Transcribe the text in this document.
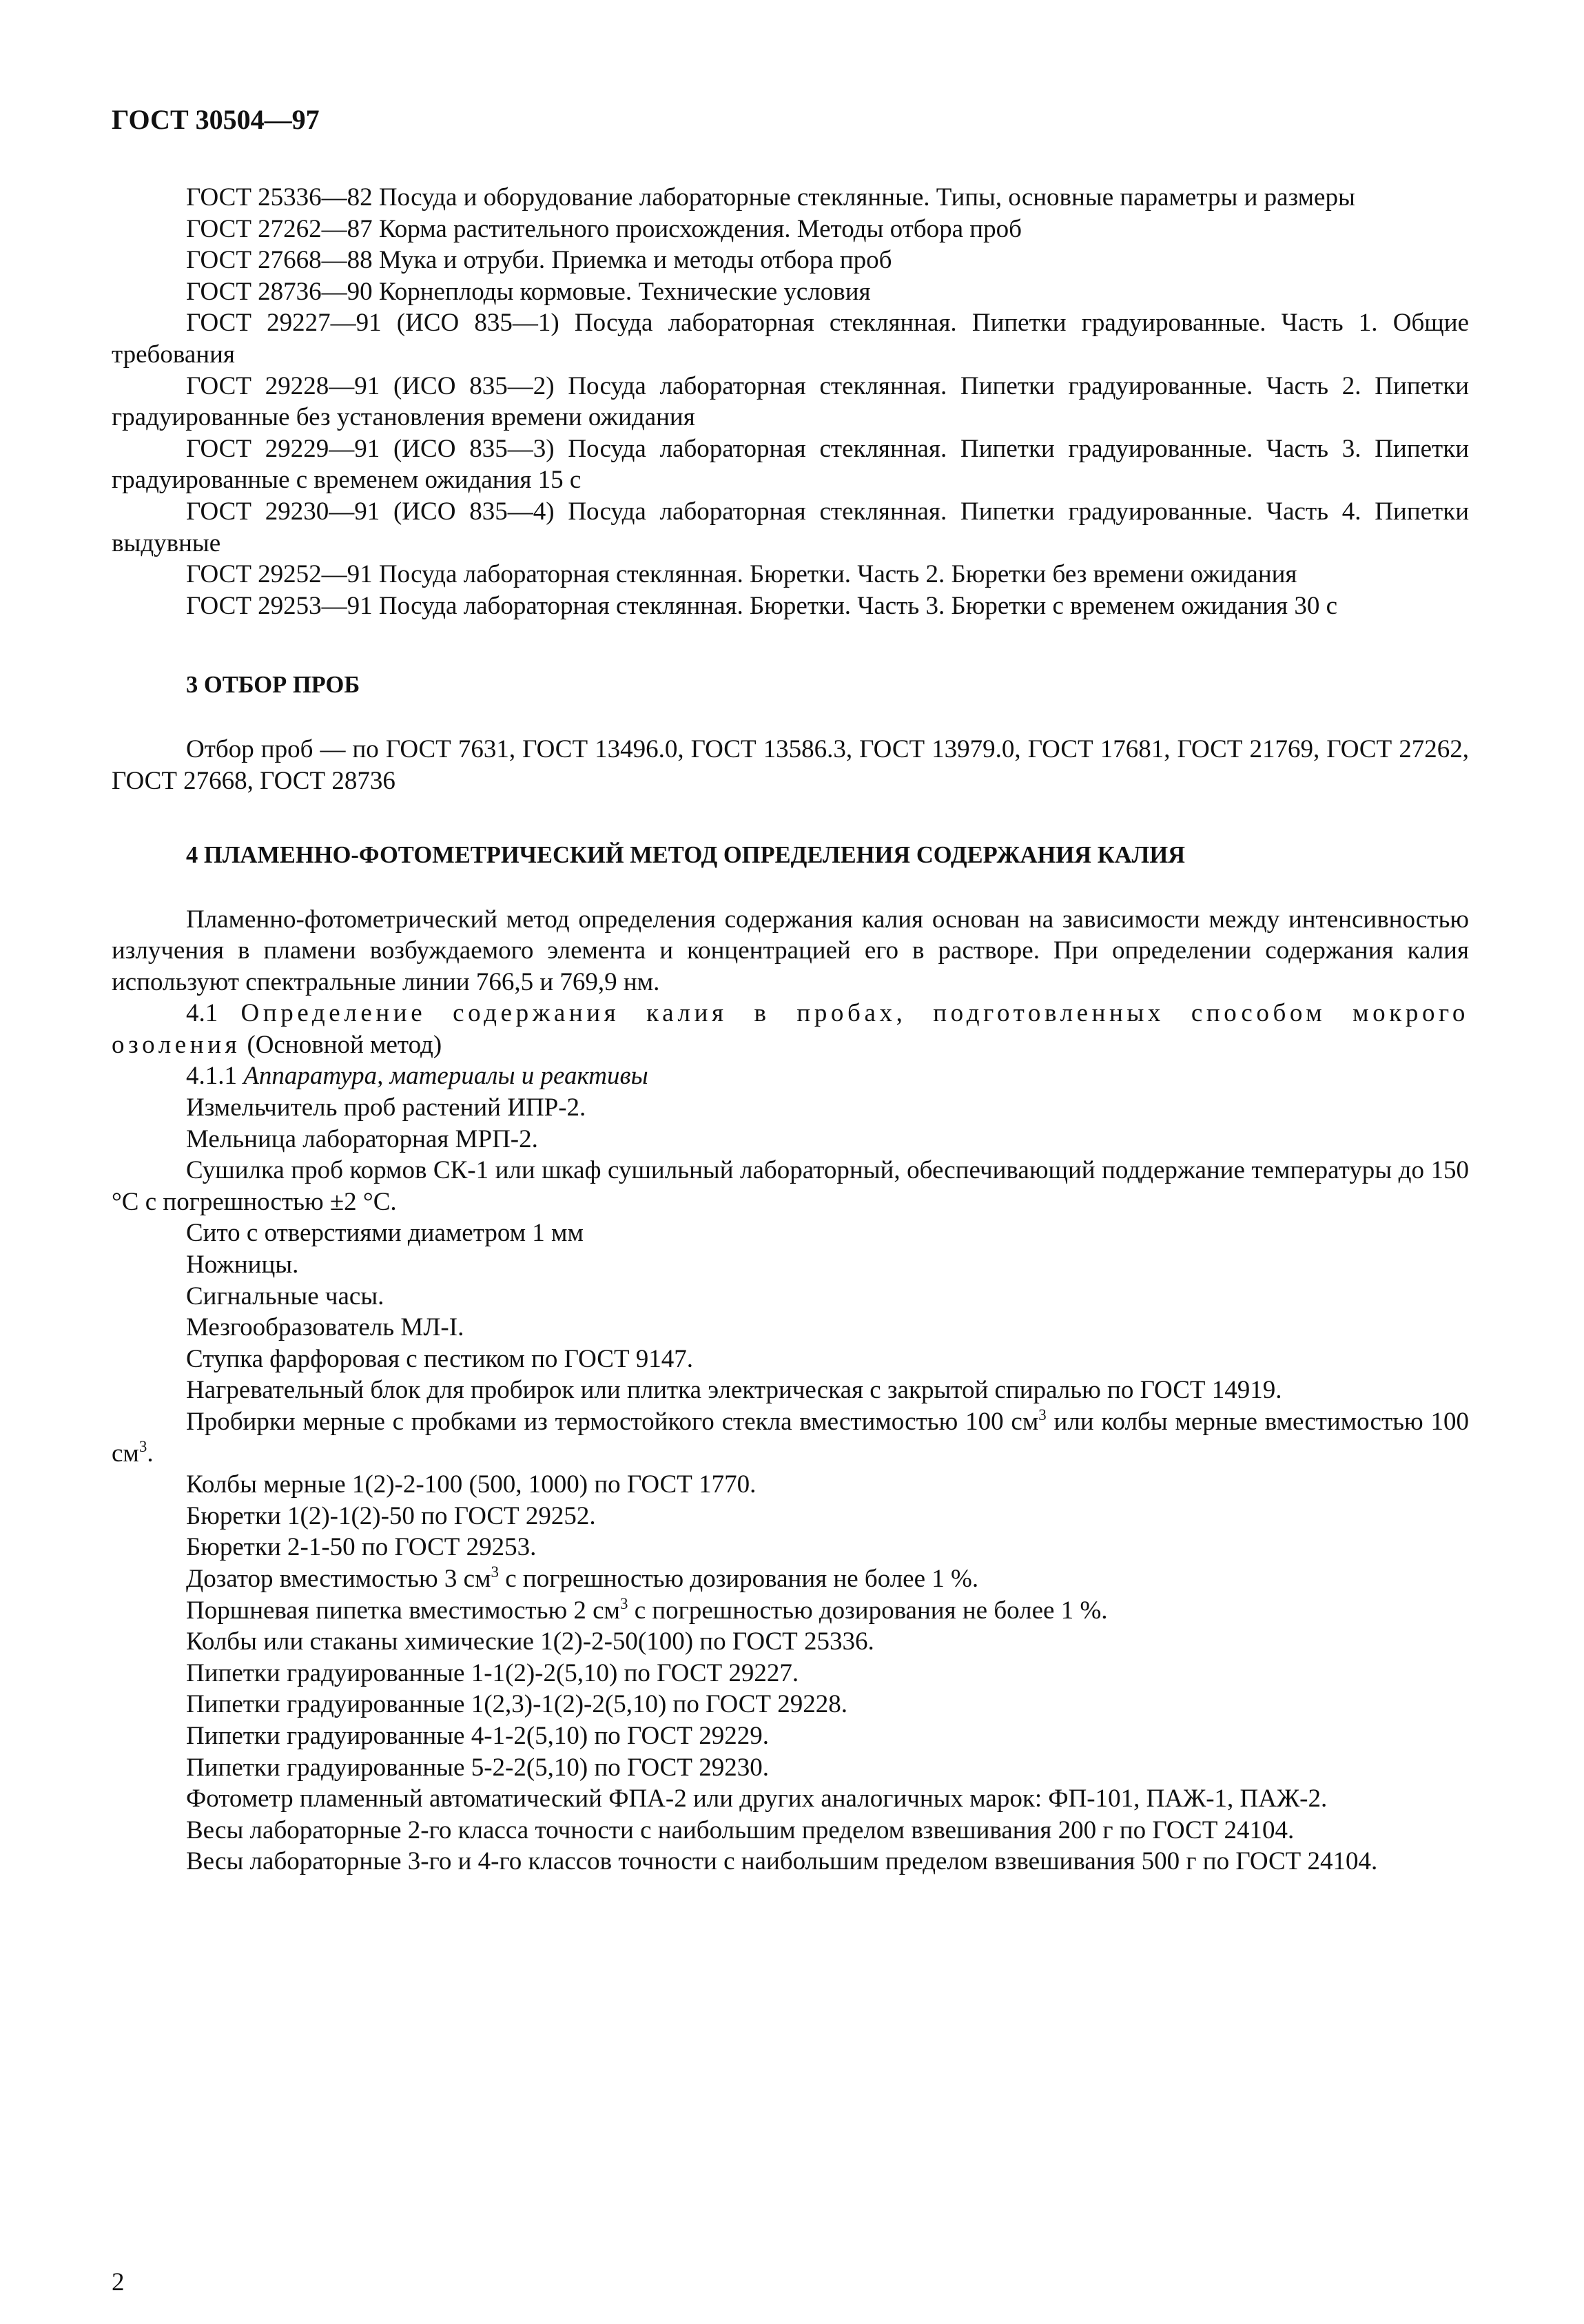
ГОСТ 30504—97

ГОСТ 25336—82 Посуда и оборудование лабораторные стеклянные. Типы, основные параметры и размеры

ГОСТ 27262—87 Корма растительного происхождения. Методы отбора проб

ГОСТ 27668—88 Мука и отруби. Приемка и методы отбора проб

ГОСТ 28736—90 Корнеплоды кормовые. Технические условия

ГОСТ 29227—91 (ИСО 835—1) Посуда лабораторная стеклянная. Пипетки градуированные. Часть 1. Общие требования

ГОСТ 29228—91 (ИСО 835—2) Посуда лабораторная стеклянная. Пипетки градуированные. Часть 2. Пипетки градуированные без установления времени ожидания

ГОСТ 29229—91 (ИСО 835—3) Посуда лабораторная стеклянная. Пипетки градуированные. Часть 3. Пипетки градуированные с временем ожидания 15 с

ГОСТ 29230—91 (ИСО 835—4) Посуда лабораторная стеклянная. Пипетки градуированные. Часть 4. Пипетки выдувные

ГОСТ 29252—91 Посуда лабораторная стеклянная. Бюретки. Часть 2. Бюретки без времени ожидания

ГОСТ 29253—91 Посуда лабораторная стеклянная. Бюретки. Часть 3. Бюретки с временем ожидания 30 с

3 ОТБОР ПРОБ

Отбор проб — по ГОСТ 7631, ГОСТ 13496.0, ГОСТ 13586.3, ГОСТ 13979.0, ГОСТ 17681, ГОСТ 21769, ГОСТ 27262, ГОСТ 27668, ГОСТ 28736

4 ПЛАМЕННО-ФОТОМЕТРИЧЕСКИЙ МЕТОД ОПРЕДЕЛЕНИЯ СОДЕРЖАНИЯ КАЛИЯ

Пламенно-фотометрический метод определения содержания калия основан на зависимости между интенсивностью излучения в пламени возбуждаемого элемента и концентрацией его в растворе. При определении содержания калия используют спектральные линии 766,5 и 769,9 нм.

4.1 Определение содержания калия в пробах, подготовленных способом мокрого озоления (Основной метод)

4.1.1 Аппаратура, материалы и реактивы

Измельчитель проб растений ИПР-2.

Мельница лабораторная МРП-2.

Сушилка проб кормов СК-1 или шкаф сушильный лабораторный, обеспечивающий поддержание температуры до 150 °С с погрешностью ±2 °С.

Сито с отверстиями диаметром 1 мм

Ножницы.

Сигнальные часы.

Мезгообразователь МЛ-I.

Ступка фарфоровая с пестиком по ГОСТ 9147.

Нагревательный блок для пробирок или плитка электрическая с закрытой спиралью по ГОСТ 14919.

Пробирки мерные с пробками из термостойкого стекла вместимостью 100 $см^3$ или колбы мерные вместимостью 100 $см^3$.

Колбы мерные 1(2)-2-100 (500, 1000) по ГОСТ 1770.

Бюретки 1(2)-1(2)-50 по ГОСТ 29252.

Бюретки 2-1-50 по ГОСТ 29253.

Дозатор вместимостью 3 $см^3$ с погрешностью дозирования не более 1 %.

Поршневая пипетка вместимостью 2 $см^3$ с погрешностью дозирования не более 1 %.

Колбы или стаканы химические 1(2)-2-50(100) по ГОСТ 25336.

Пипетки градуированные 1-1(2)-2(5,10) по ГОСТ 29227.

Пипетки градуированные 1(2,3)-1(2)-2(5,10) по ГОСТ 29228.

Пипетки градуированные 4-1-2(5,10) по ГОСТ 29229.

Пипетки градуированные 5-2-2(5,10) по ГОСТ 29230.

Фотометр пламенный автоматический ФПА-2 или других аналогичных марок: ФП-101, ПАЖ-1, ПАЖ-2.

Весы лабораторные 2-го класса точности с наибольшим пределом взвешивания 200 г по ГОСТ 24104.

Весы лабораторные 3-го и 4-го классов точности с наибольшим пределом взвешивания 500 г по ГОСТ 24104.

2
